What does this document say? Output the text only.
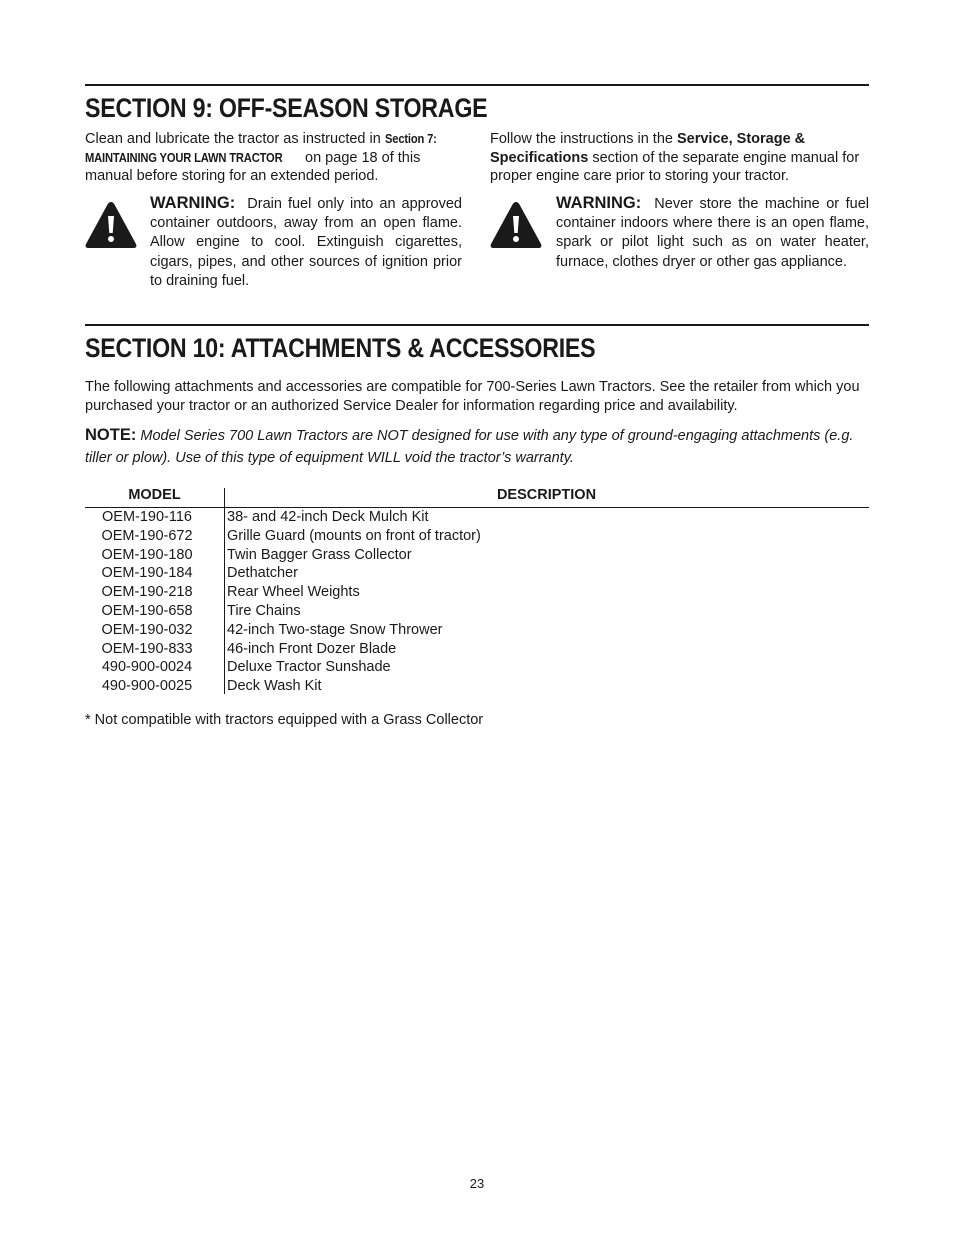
SECTION 9: OFF-SEASON STORAGE

Clean and lubricate the tractor as instructed in Section 7:
MAINTAINING YOUR LAWN TRACTOR on page 18 of this manual before storing for an extended period.

Follow the instructions in the Service, Storage & Specifications section of the separate engine manual for proper engine care prior to storing your tractor.

WARNING: Drain fuel only into an approved container outdoors, away from an open flame. Allow engine to cool. Extinguish cigarettes, cigars, pipes, and other sources of ignition prior to draining fuel.

WARNING: Never store the machine or fuel container indoors where there is an open flame, spark or pilot light such as on water heater, furnace, clothes dryer or other gas appliance.

SECTION 10: ATTACHMENTS & ACCESSORIES

The following attachments and accessories are compatible for 700-Series Lawn Tractors. See the retailer from which you purchased your tractor or an authorized Service Dealer for information regarding price and availability.

NOTE: Model Series 700 Lawn Tractors are NOT designed for use with any type of ground-engaging attachments (e.g. tiller or plow). Use of this type of equipment WILL void the tractor’s warranty.

MODEL	DESCRIPTION
OEM-190-116	38- and 42-inch Deck Mulch Kit
OEM-190-672	Grille Guard (mounts on front of tractor)
OEM-190-180	Twin Bagger Grass Collector
OEM-190-184	Dethatcher
OEM-190-218	Rear Wheel Weights
OEM-190-658	Tire Chains
OEM-190-032	42-inch Two-stage Snow Thrower
OEM-190-833	46-inch Front Dozer Blade
490-900-0024	Deluxe Tractor Sunshade
490-900-0025	Deck Wash Kit

* Not compatible with tractors equipped with a Grass Collector

23
